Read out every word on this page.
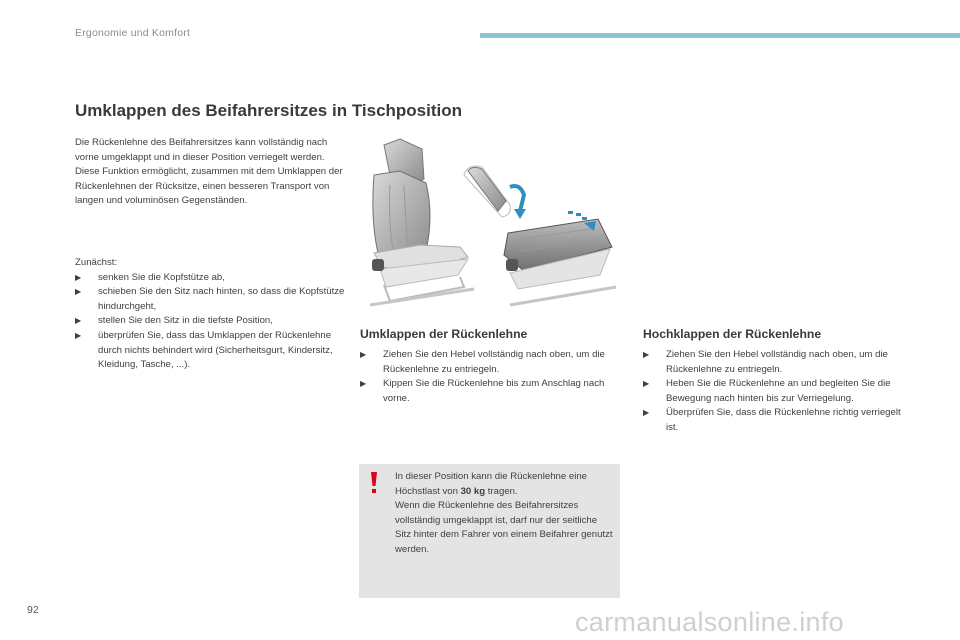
Ergonomie und Komfort
Umklappen des Beifahrersitzes in Tischposition

Die Rückenlehne des Beifahrersitzes kann vollständig nach vorne umgeklappt und in dieser Position verriegelt werden.

Diese Funktion ermöglicht, zusammen mit dem Umklappen der Rückenlehnen der Rücksitze, einen besseren Transport von langen und voluminösen Gegenständen.

Zunächst:

▶ senken Sie die Kopfstütze ab,
▶ schieben Sie den Sitz nach hinten, so dass die Kopfstütze hindurchgeht,
▶ stellen Sie den Sitz in die tiefste Position,
▶ überprüfen Sie, dass das Umklappen der Rückenlehne durch nichts behindert wird (Sicherheitsgurt, Kindersitz, Kleidung, Tasche, ...).
Umklappen der Rückenlehne
▶ Ziehen Sie den Hebel vollständig nach oben, um die Rückenlehne zu entriegeln.
▶ Kippen Sie die Rückenlehne bis zum Anschlag nach vorne.
Hochklappen der Rückenlehne
▶ Ziehen Sie den Hebel vollständig nach oben, um die Rückenlehne zu entriegeln.
▶ Heben Sie die Rückenlehne an und begleiten Sie die Bewegung nach hinten bis zur Verriegelung.
▶ Überprüfen Sie, dass die Rückenlehne richtig verriegelt ist.

In dieser Position kann die Rückenlehne eine Höchstlast von 30 kg tragen.

Wenn die Rückenlehne des Beifahrersitzes vollständig umgeklappt ist, darf nur der seitliche Sitz hinter dem Fahrer von einem Beifahrer genutzt werden.

92	carmanualsonline.info
